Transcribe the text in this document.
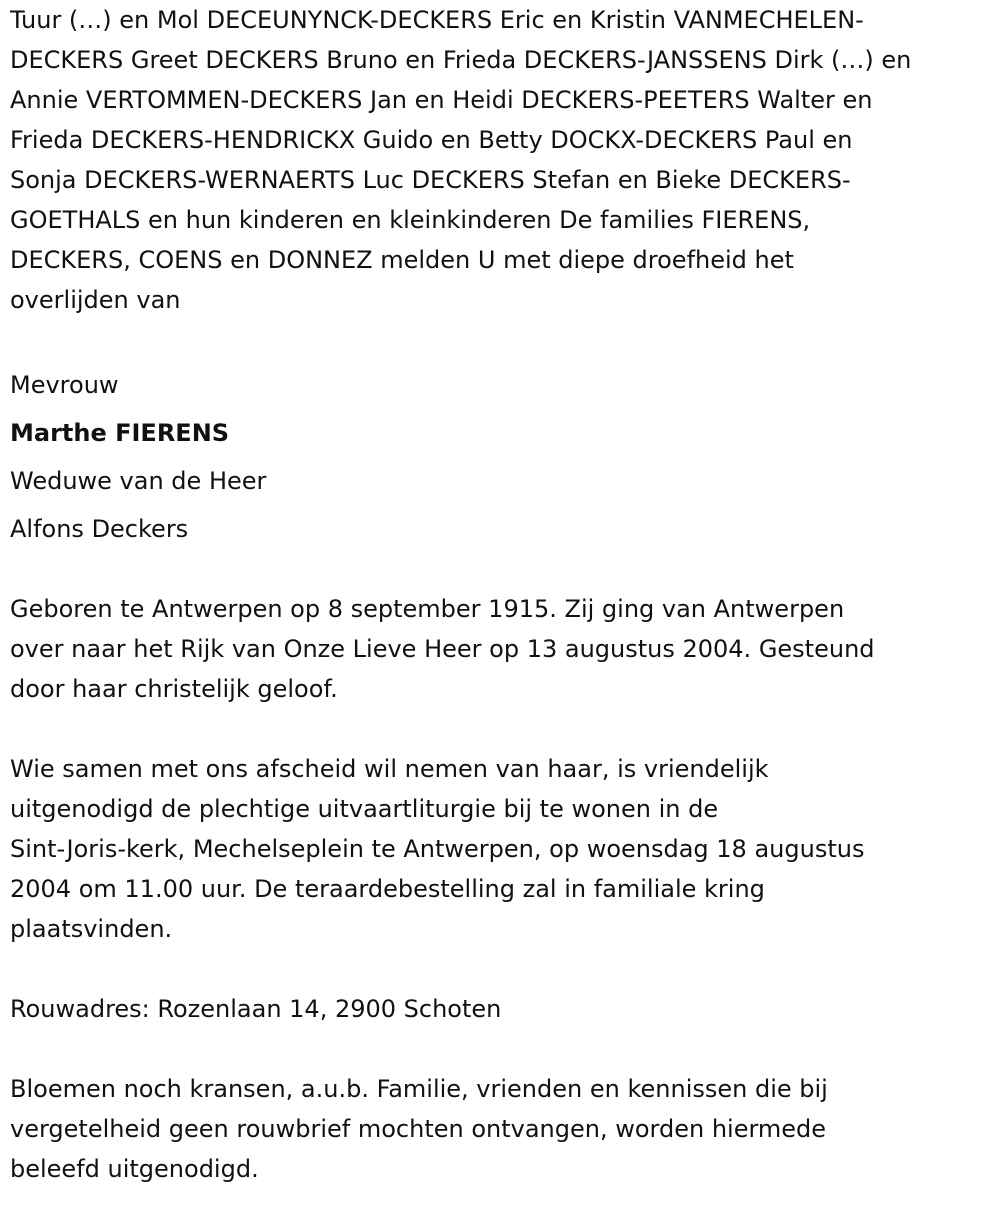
Tuur (…) en Mol DECEUNYNCK-DECKERS Eric en Kristin VANMECHELEN-
DECKERS Greet DECKERS Bruno en Frieda DECKERS-JANSSENS Dirk (…) en
Annie VERTOMMEN-DECKERS Jan en Heidi DECKERS-PEETERS Walter en
Frieda DECKERS-HENDRICKX Guido en Betty DOCKX-DECKERS Paul en
Sonja DECKERS-WERNAERTS Luc DECKERS Stefan en Bieke DECKERS-
GOETHALS en hun kinderen en kleinkinderen De families FIERENS,
DECKERS, COENS en DONNEZ melden U met diepe droefheid het
overlijden van
Mevrouw
Marthe FIERENS
Weduwe van de Heer
Alfons Deckers
Geboren te Antwerpen op 8 september 1915. Zij ging van Antwerpen
over naar het Rijk van Onze Lieve Heer op 13 augustus 2004. Gesteund
door haar christelijk geloof.
Wie samen met ons afscheid wil nemen van haar, is vriendelijk
uitgenodigd de plechtige uitvaartliturgie bij te wonen in de
Sint-Joris-kerk, Mechelseplein te Antwerpen, op woensdag 18 augustus
2004 om 11.00 uur. De teraardebestelling zal in familiale kring
plaatsvinden.
Rouwadres: Rozenlaan 14, 2900 Schoten
Bloemen noch kransen, a.u.b. Familie, vrienden en kennissen die bij
vergetelheid geen rouwbrief mochten ontvangen, worden hiermede
beleefd uitgenodigd.
